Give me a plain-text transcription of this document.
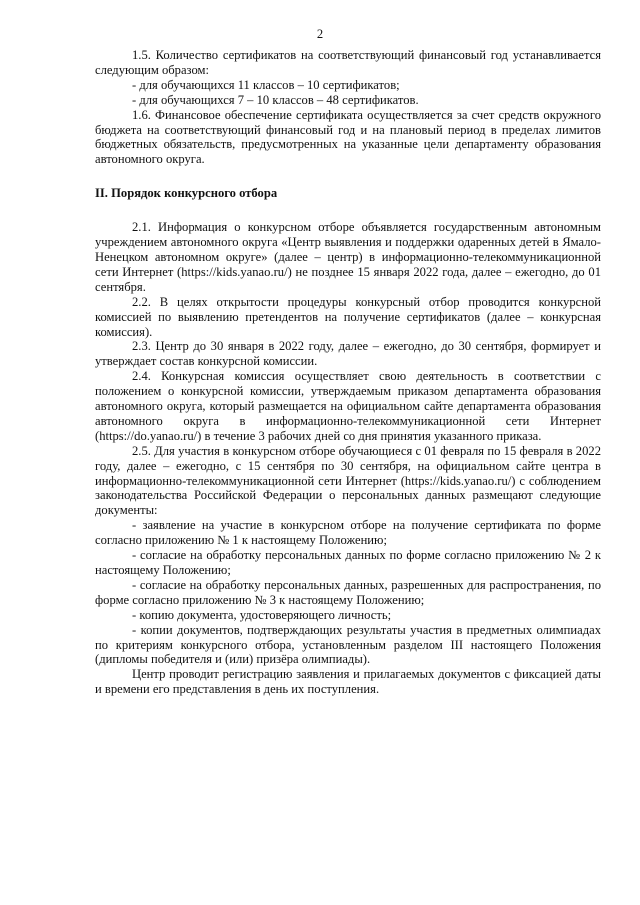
2

1.5. Количество сертификатов на соответствующий финансовый год устанавливается следующим образом:

- для обучающихся 11 классов – 10 сертификатов;

- для обучающихся 7 – 10 классов – 48 сертификатов.

1.6. Финансовое обеспечение сертификата осуществляется за счет средств окружного бюджета на соответствующий финансовый год и на плановый период в пределах лимитов бюджетных обязательств, предусмотренных на указанные цели департаменту образования автономного округа.

II. Порядок конкурсного отбора

2.1. Информация о конкурсном отборе объявляется государственным автономным учреждением автономного округа «Центр выявления и поддержки одаренных детей в Ямало-Ненецком автономном округе» (далее – центр) в информационно-телекоммуникационной сети Интернет (https://kids.yanao.ru/) не позднее 15 января 2022 года, далее – ежегодно, до 01 сентября.

2.2. В целях открытости процедуры конкурсный отбор проводится конкурсной комиссией по выявлению претендентов на получение сертификатов (далее – конкурсная комиссия).

2.3. Центр до 30 января в 2022 году, далее – ежегодно, до 30 сентября, формирует и утверждает состав конкурсной комиссии.

2.4. Конкурсная комиссия осуществляет свою деятельность в соответствии с положением о конкурсной комиссии, утверждаемым приказом департамента образования автономного округа, который размещается на официальном сайте департамента образования автономного округа в информационно-телекоммуникационной сети Интернет (https://do.yanao.ru/) в течение 3 рабочих дней со дня принятия указанного приказа.

2.5. Для участия в конкурсном отборе обучающиеся с 01 февраля по 15 февраля в 2022 году, далее – ежегодно, с 15 сентября по 30 сентября, на официальном сайте центра в информационно-телекоммуникационной сети Интернет (https://kids.yanao.ru/) с соблюдением законодательства Российской Федерации о персональных данных размещают следующие документы:

- заявление на участие в конкурсном отборе на получение сертификата по форме согласно приложению № 1 к настоящему Положению;

- согласие на обработку персональных данных по форме согласно приложению № 2 к настоящему Положению;

- согласие на обработку персональных данных, разрешенных для распространения, по форме согласно приложению № 3 к настоящему Положению;

- копию документа, удостоверяющего личность;

- копии документов, подтверждающих результаты участия в предметных олимпиадах по критериям конкурсного отбора, установленным разделом III настоящего Положения (дипломы победителя и (или) призёра олимпиады).

Центр проводит регистрацию заявления и прилагаемых документов с фиксацией даты и времени его представления в день их поступления.
